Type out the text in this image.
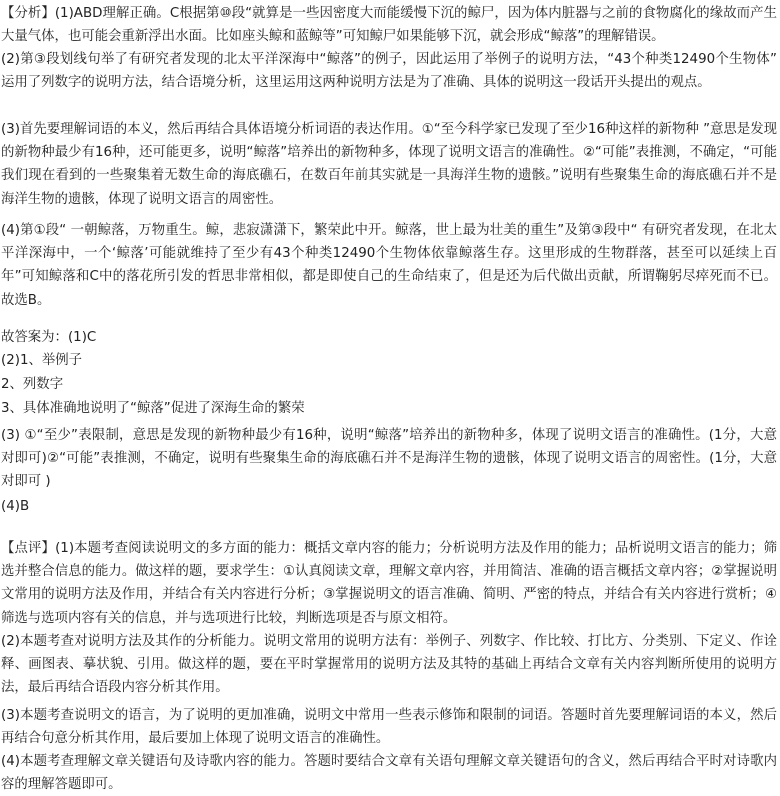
【分析】(1)ABD理解正确。C根据第⑩段“就算是一些因密度大而能缓慢下沉的鲸尸，因为体内脏器与之前的食物腐化的缘故而产生大量气体，也可能会重新浮出水面。比如座头鲸和蓝鲸等”可知鲸尸如果能够下沉，就会形成“鲸落”的理解错误。
(2)第③段划线句举了有研究者发现的北太平洋深海中“鲸落”的例子，因此运用了举例子的说明方法，“43个种类12490个生物体” 运用了列数字的说明方法，结合语境分析，这里运用这两种说明方法是为了准确、具体的说明这一段话开头提出的观点。
(3)首先要理解词语的本义，然后再结合具体语境分析词语的表达作用。①“至今科学家已发现了至少16种这样的新物种 ”意思是发现的新物种最少有16种，还可能更多，说明“鲸落”培养出的新物种多，体现了说明文语言的准确性。②“可能”表推测，不确定，“可能我们现在看到的一些聚集着无数生命的海底礁石，在数百年前其实就是一具海洋生物的遗骸。”说明有些聚集生命的海底礁石并不是海洋生物的遗骸，体现了说明文语言的周密性。
(4)第①段“ 一朝鲸落，万物重生。鲸，悲寂潇潇下，繁荣此中开。鲸落，世上最为壮美的重生”及第③段中“ 有研究者发现，在北太平洋深海中，一个‘鲸落’可能就维持了至少有43个种类12490个生物体依靠鲸落生存。这里形成的生物群落，甚至可以延续上百年”可知鲸落和C中的落花所引发的哲思非常相似，都是即使自己的生命结束了，但是还为后代做出贡献，所谓鞠躬尽瘁死而不已。故选B。
故答案为：(1)C
(2)1、举例子
2、列数字
3、具体准确地说明了“鲸落”促进了深海生命的繁荣
(3) ①“至少”表限制，意思是发现的新物种最少有16种，说明“鲸落”培养出的新物种多，体现了说明文语言的准确性。(1分，大意对即可)②“可能”表推测，不确定，说明有些聚集生命的海底礁石并不是海洋生物的遗骸，体现了说明文语言的周密性。(1分，大意对即可 )
(4)B
【点评】(1)本题考查阅读说明文的多方面的能力：概括文章内容的能力；分析说明方法及作用的能力；品析说明文语言的能力；筛选并整合信息的能力。做这样的题，要求学生：①认真阅读文章，理解文章内容，并用简洁、准确的语言概括文章内容；②掌握说明文常用的说明方法及作用，并结合有关内容进行分析；③掌握说明文的语言准确、简明、严密的特点，并结合有关内容进行赏析；④筛选与选项内容有关的信息，并与选项进行比较，判断选项是否与原文相符。
(2)本题考查对说明方法及其作的分析能力。说明文常用的说明方法有：举例子、列数字、作比较、打比方、分类别、下定义、作诠释、画图表、摹状貌、引用。做这样的题，要在平时掌握常用的说明方法及其特的基础上再结合文章有关内容判断所使用的说明方法，最后再结合语段内容分析其作用。
(3)本题考查说明文的语言，为了说明的更加准确，说明文中常用一些表示修饰和限制的词语。答题时首先要理解词语的本义，然后再结合句意分析其作用，最后要加上体现了说明文语言的准确性。
(4)本题考查理解文章关键语句及诗歌内容的能力。答题时要结合文章有关语句理解文章关键语句的含义，然后再结合平时对诗歌内容的理解答题即可。
